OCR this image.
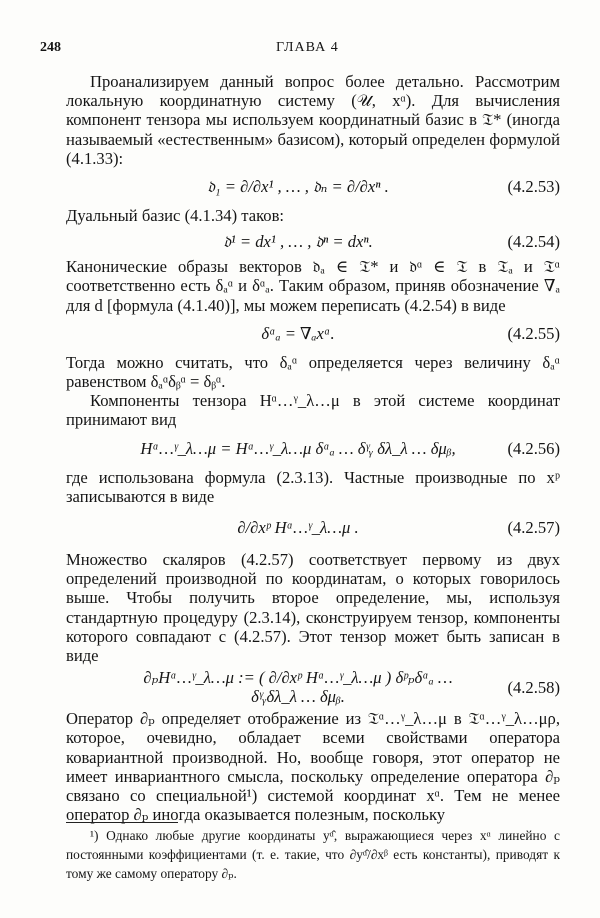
248	ГЛАВА 4

Проанализируем данный вопрос более детально. Рассмотрим локальную координатную систему (𝒰, xᵅ). Для вычисления компонент тензора мы используем координатный базис в 𝔗* (иногда называемый «естественным» базисом), который определен формулой (4.1.33):

𝔡₁ = ∂/∂x¹ , … , 𝔡ₙ = ∂/∂xⁿ .	(4.2.53)

Дуальный базис (4.1.34) таков:

𝔡¹ = dx¹ , … , 𝔡ⁿ = dxⁿ.	(4.2.54)

Канонические образы векторов 𝔡ₐ ∈ 𝔗* и 𝔡ᵅ ∈ 𝔗 в 𝔗ₐ и 𝔗ᵅ соответственно есть δₐᵅ и δᵅₐ. Таким образом, приняв обозначение ∇ₐ для d [формула (4.1.40)], мы можем переписать (4.2.54) в виде

δᵅₐ = ∇ₐxᵅ.	(4.2.55)

Тогда можно считать, что δₐᵅ определяется через величину δₐᵅ равенством δₐᵅδᵦᵅ = δᵦᵅ.

Компоненты тензора Hᵅ…ᵞ_λ…μ в этой системе координат принимают вид

Hᵅ…ᵞ_λ…μ = Hᵅ…ᵞ_λ…μ δᵅₐ … δᵞᵧ δλ_λ … δμᵦ,	(4.2.56)

где использована формула (2.3.13). Частные производные по xᵖ записываются в виде

∂/∂xᵖ Hᵅ…ᵞ_λ…μ .	(4.2.57)

Множество скаляров (4.2.57) соответствует первому из двух определений производной по координатам, о которых говорилось выше. Чтобы получить второе определение, мы, используя стандартную процедуру (2.3.14), сконструируем тензор, компоненты которого совпадают с (4.2.57). Этот тензор может быть записан в виде

∂ₚHᵅ…ᵞ_λ…μ := ( ∂/∂xᵖ Hᵅ…ᵞ_λ…μ ) δᵖₚδᵅₐ … δᵞᵧδλ_λ … δμᵦ.
(4.2.58)

Оператор ∂ₚ определяет отображение из 𝔗ᵅ…ᵞ_λ…μ в 𝔗ᵅ…ᵞ_λ…μρ, которое, очевидно, обладает всеми свойствами оператора ковариантной производной. Но, вообще говоря, этот оператор не имеет инвариантного смысла, поскольку определение оператора ∂ₚ связано со специальной¹) системой координат xᵅ. Тем не менее оператор ∂ₚ иногда оказывается полезным, поскольку

¹) Однако любые другие координаты yᵅ̂, выражающиеся через xᵅ линейно с постоянными коэффициентами (т. е. такие, что ∂yᵅ̂/∂xᵝ есть константы), приводят к тому же самому оператору ∂ₚ.
